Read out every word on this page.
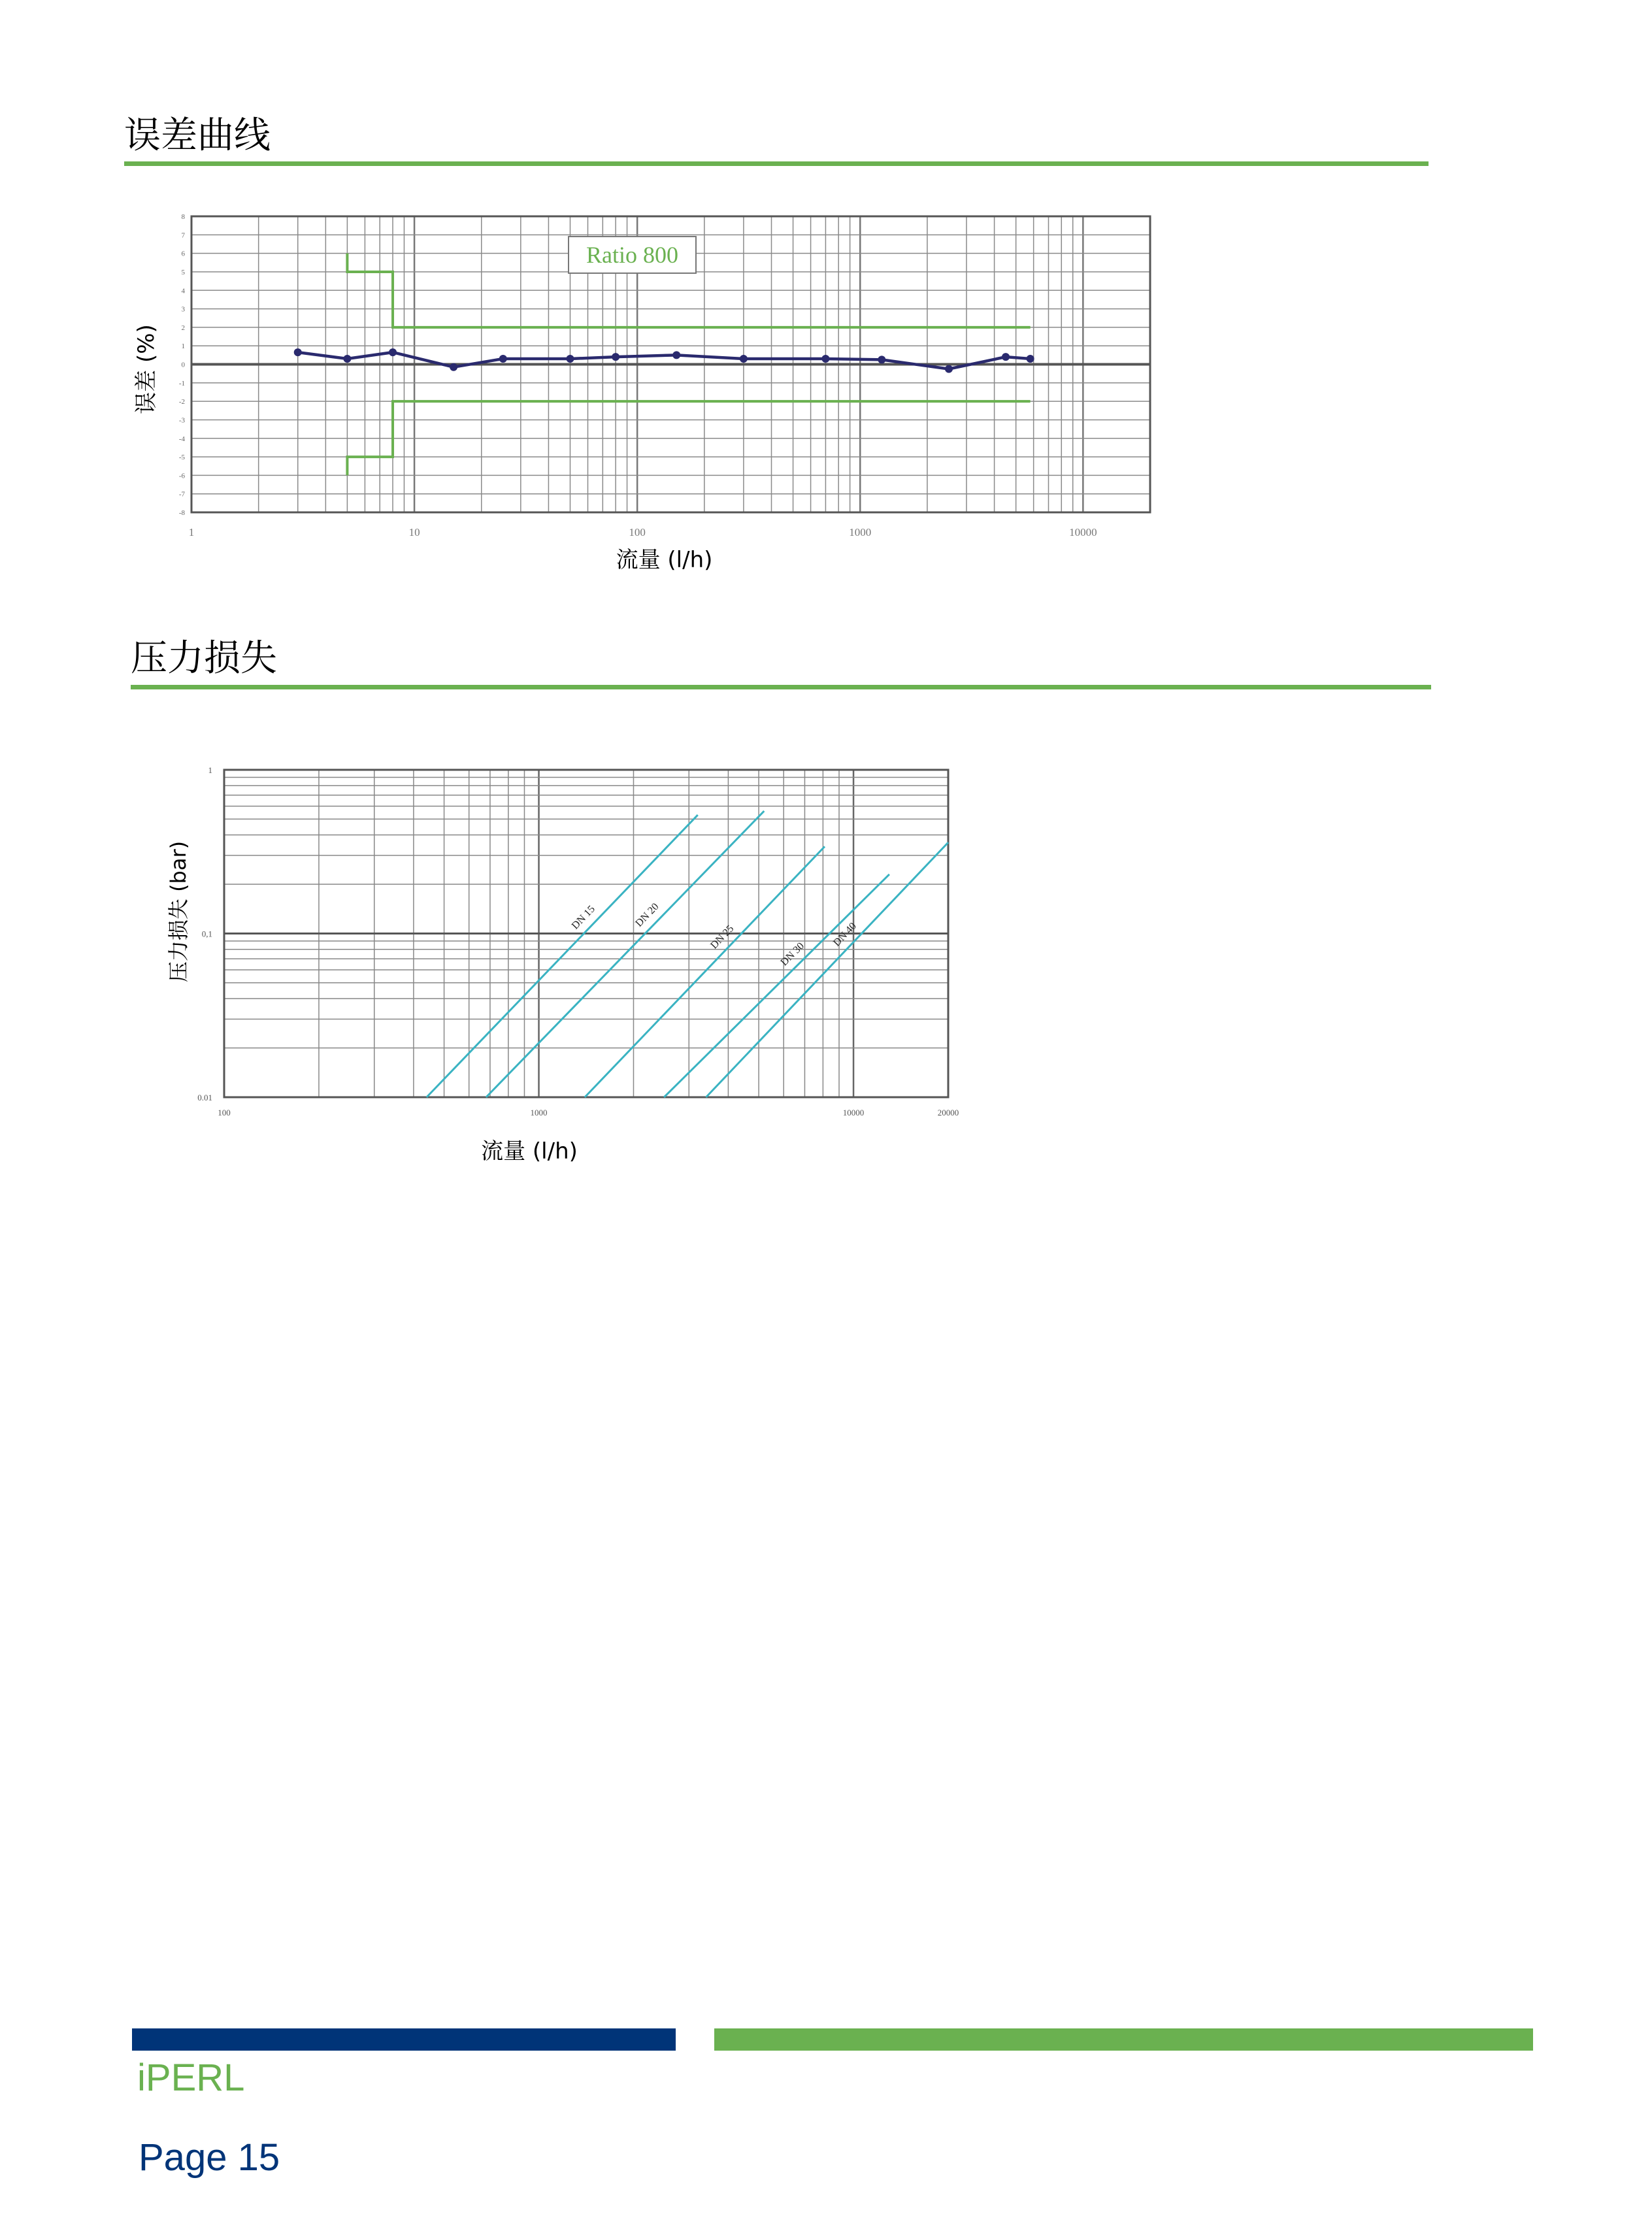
误差曲线
8
7
6
5
4
3
2
1
0
-1
-2
-3
-4
-5
-6
-7
-8
1	10	100	1000	10000
Ratio 800
流量 (l/h)
误差 (%)
压力损失
1
0,1
0.01
100	1000	10000	20000
DN 15	DN 20
DN 25
DN 30
DN 40
流量 (l/h)
压力损失 (bar)
iPERL
Page 15
